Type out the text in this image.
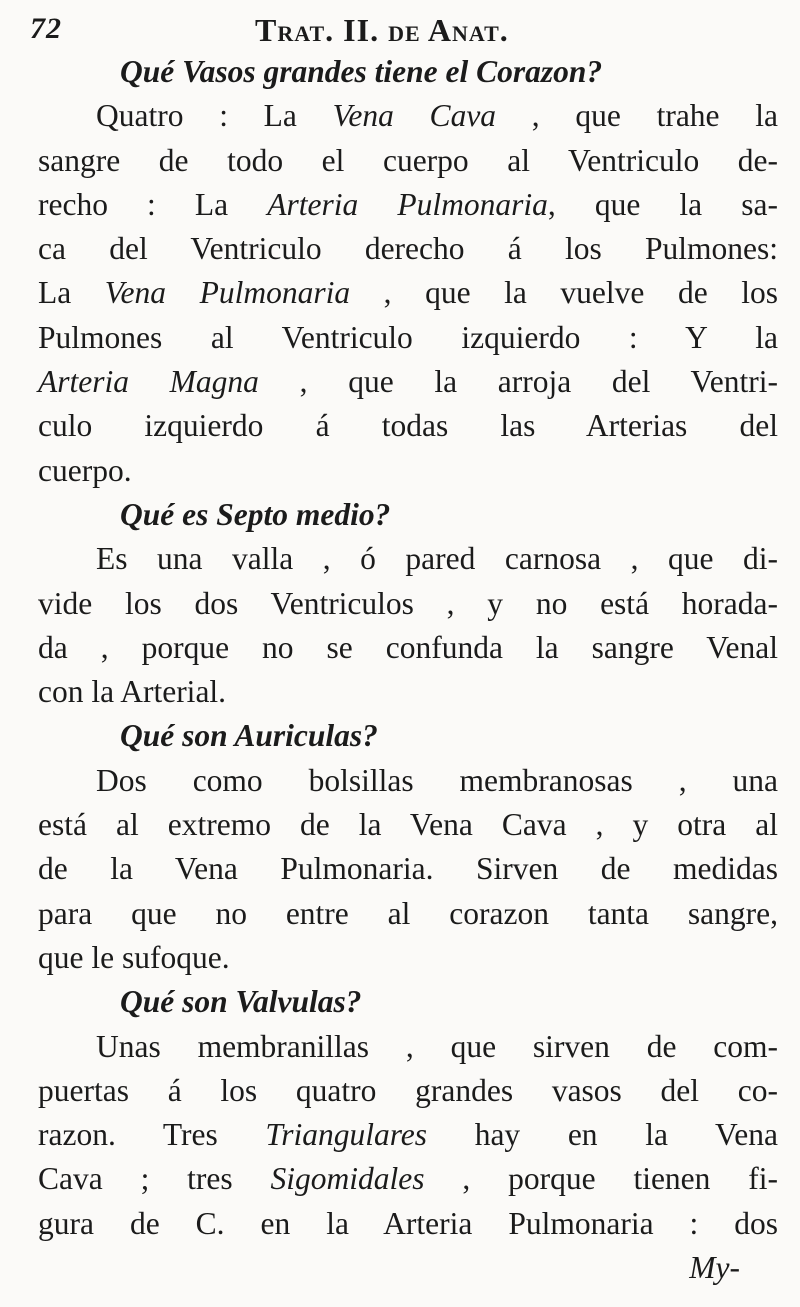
72	Trat. II. de Anat.
Qué Vasos grandes tiene el Corazon?
Quatro : La Vena Cava , que trahe la
sangre de todo el cuerpo al Ventriculo de-
recho : La Arteria Pulmonaria, que la sa-
ca del Ventriculo derecho á los Pulmones:
La Vena Pulmonaria , que la vuelve de los
Pulmones al Ventriculo izquierdo : Y la
Arteria Magna , que la arroja del Ventri-
culo izquierdo á todas las Arterias del
cuerpo.
Qué es Septo medio?
Es una valla , ó pared carnosa , que di-
vide los dos Ventriculos , y no está horada-
da , porque no se confunda la sangre Venal
con la Arterial.
Qué son Auriculas?
Dos como bolsillas membranosas , una
está al extremo de la Vena Cava , y otra al
de la Vena Pulmonaria. Sirven de medidas
para que no entre al corazon tanta sangre,
que le sufoque.
Qué son Valvulas?
Unas membranillas , que sirven de com-
puertas á los quatro grandes vasos del co-
razon. Tres Triangulares hay en la Vena
Cava ; tres Sigomidales , porque tienen fi-
gura de C. en la Arteria Pulmonaria : dos
My-
